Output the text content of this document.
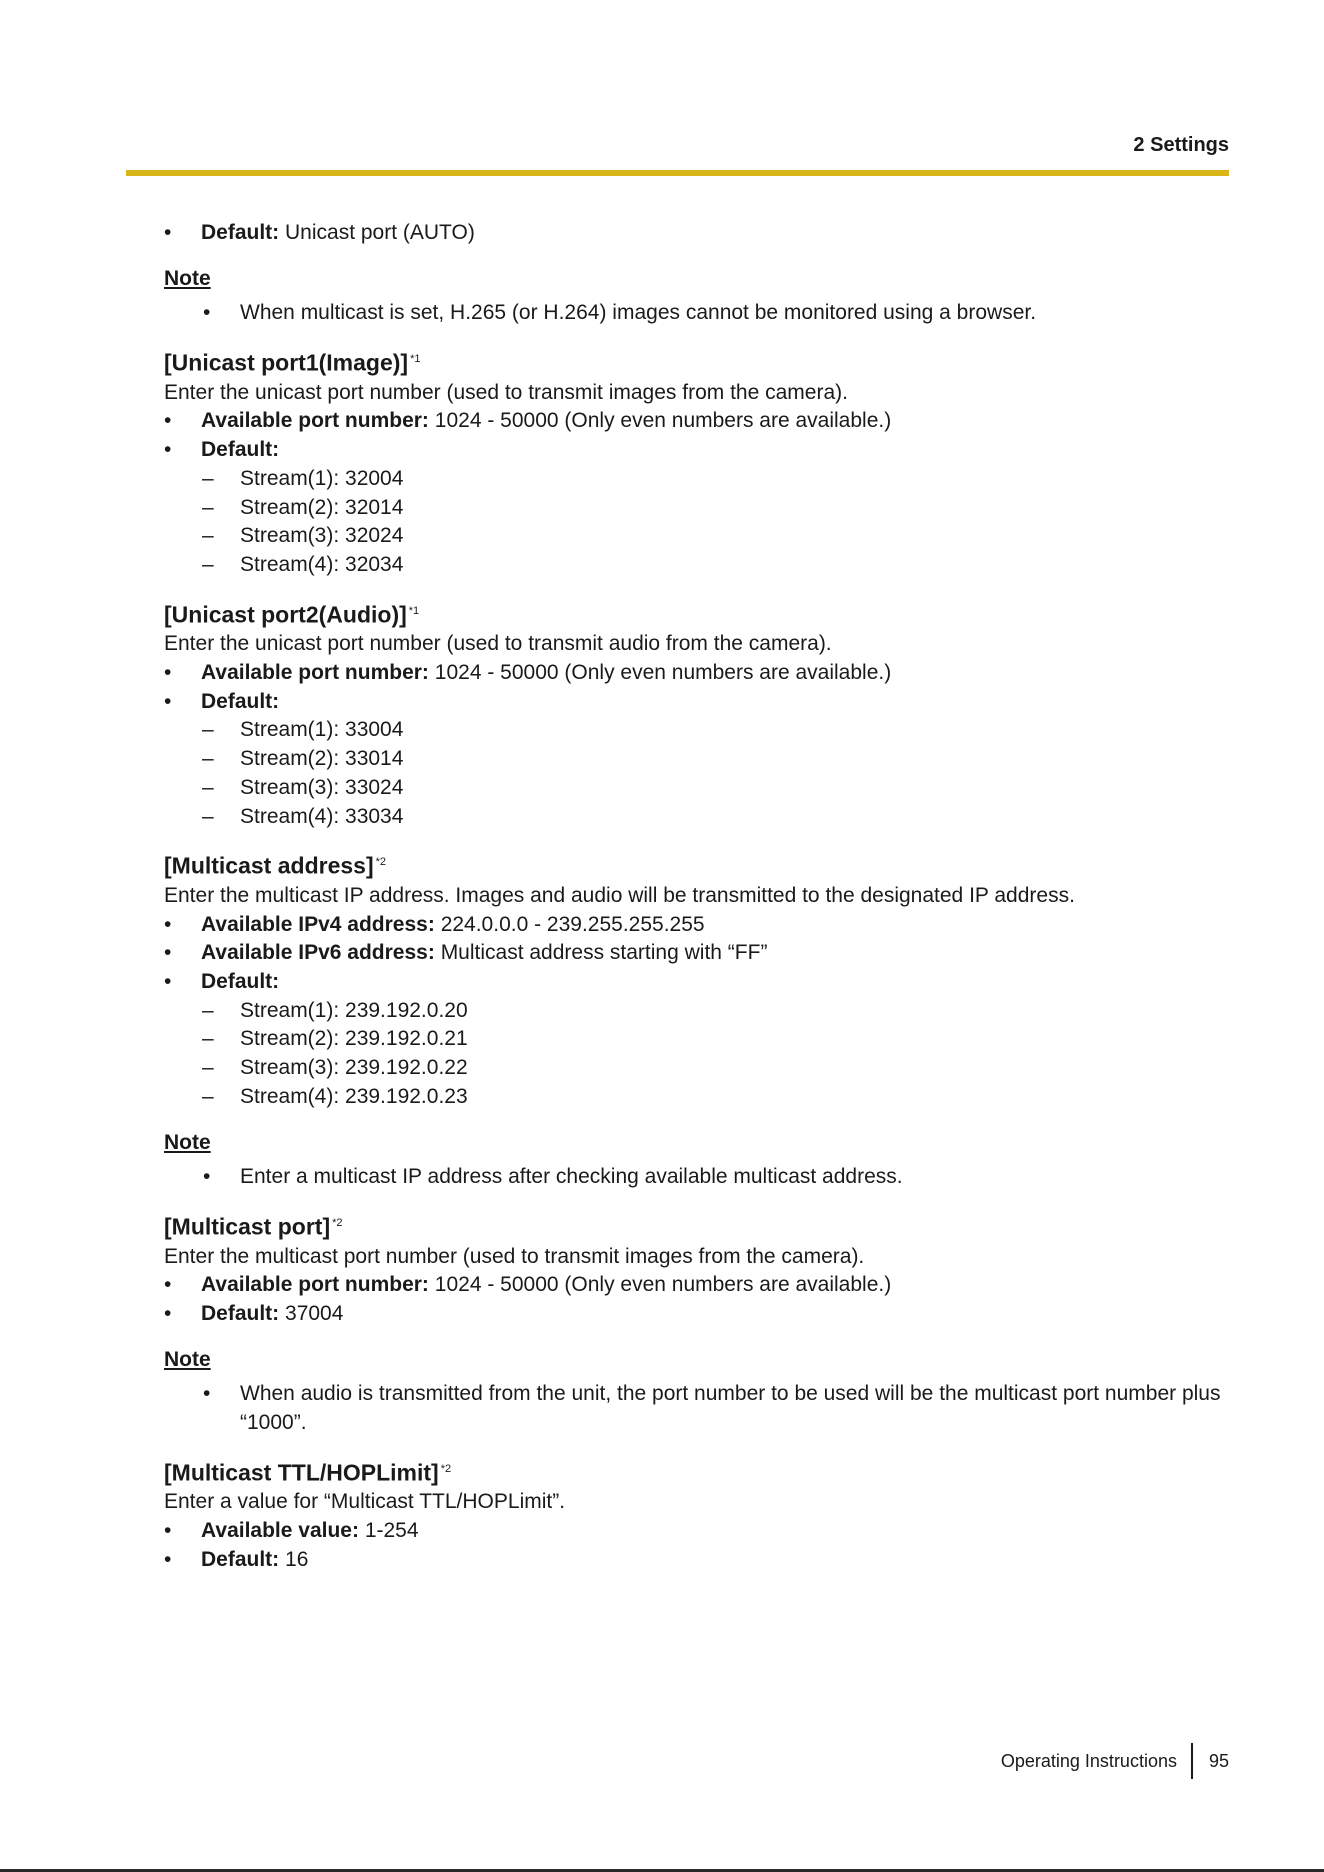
2 Settings
• Default: Unicast port (AUTO)
Note
• When multicast is set, H.265 (or H.264) images cannot be monitored using a browser.
[Unicast port1(Image)] $^{*1}$

Enter the unicast port number (used to transmit images from the camera).

• Available port number: 1024 - 50000 (Only even numbers are available.)
• Default:
– Stream(1): 32004
– Stream(2): 32014
– Stream(3): 32024
– Stream(4): 32034
[Unicast port2(Audio)] $^{*1}$

Enter the unicast port number (used to transmit audio from the camera).

• Available port number: 1024 - 50000 (Only even numbers are available.)
• Default:
– Stream(1): 33004
– Stream(2): 33014
– Stream(3): 33024
– Stream(4): 33034
[Multicast address] $^{*2}$

Enter the multicast IP address. Images and audio will be transmitted to the designated IP address.

• Available IPv4 address: 224.0.0.0 - 239.255.255.255
• Available IPv6 address: Multicast address starting with “FF”
• Default:
– Stream(1): 239.192.0.20
– Stream(2): 239.192.0.21
– Stream(3): 239.192.0.22
– Stream(4): 239.192.0.23
Note
• Enter a multicast IP address after checking available multicast address.
[Multicast port] $^{*2}$

Enter the multicast port number (used to transmit images from the camera).

• Available port number: 1024 - 50000 (Only even numbers are available.)
• Default: 37004
Note
• When audio is transmitted from the unit, the port number to be used will be the multicast port number plus “1000”.
[Multicast TTL/HOPLimit] $^{*2}$

Enter a value for “Multicast TTL/HOPLimit”.

• Available value: 1-254
• Default: 16
Operating Instructions 95
